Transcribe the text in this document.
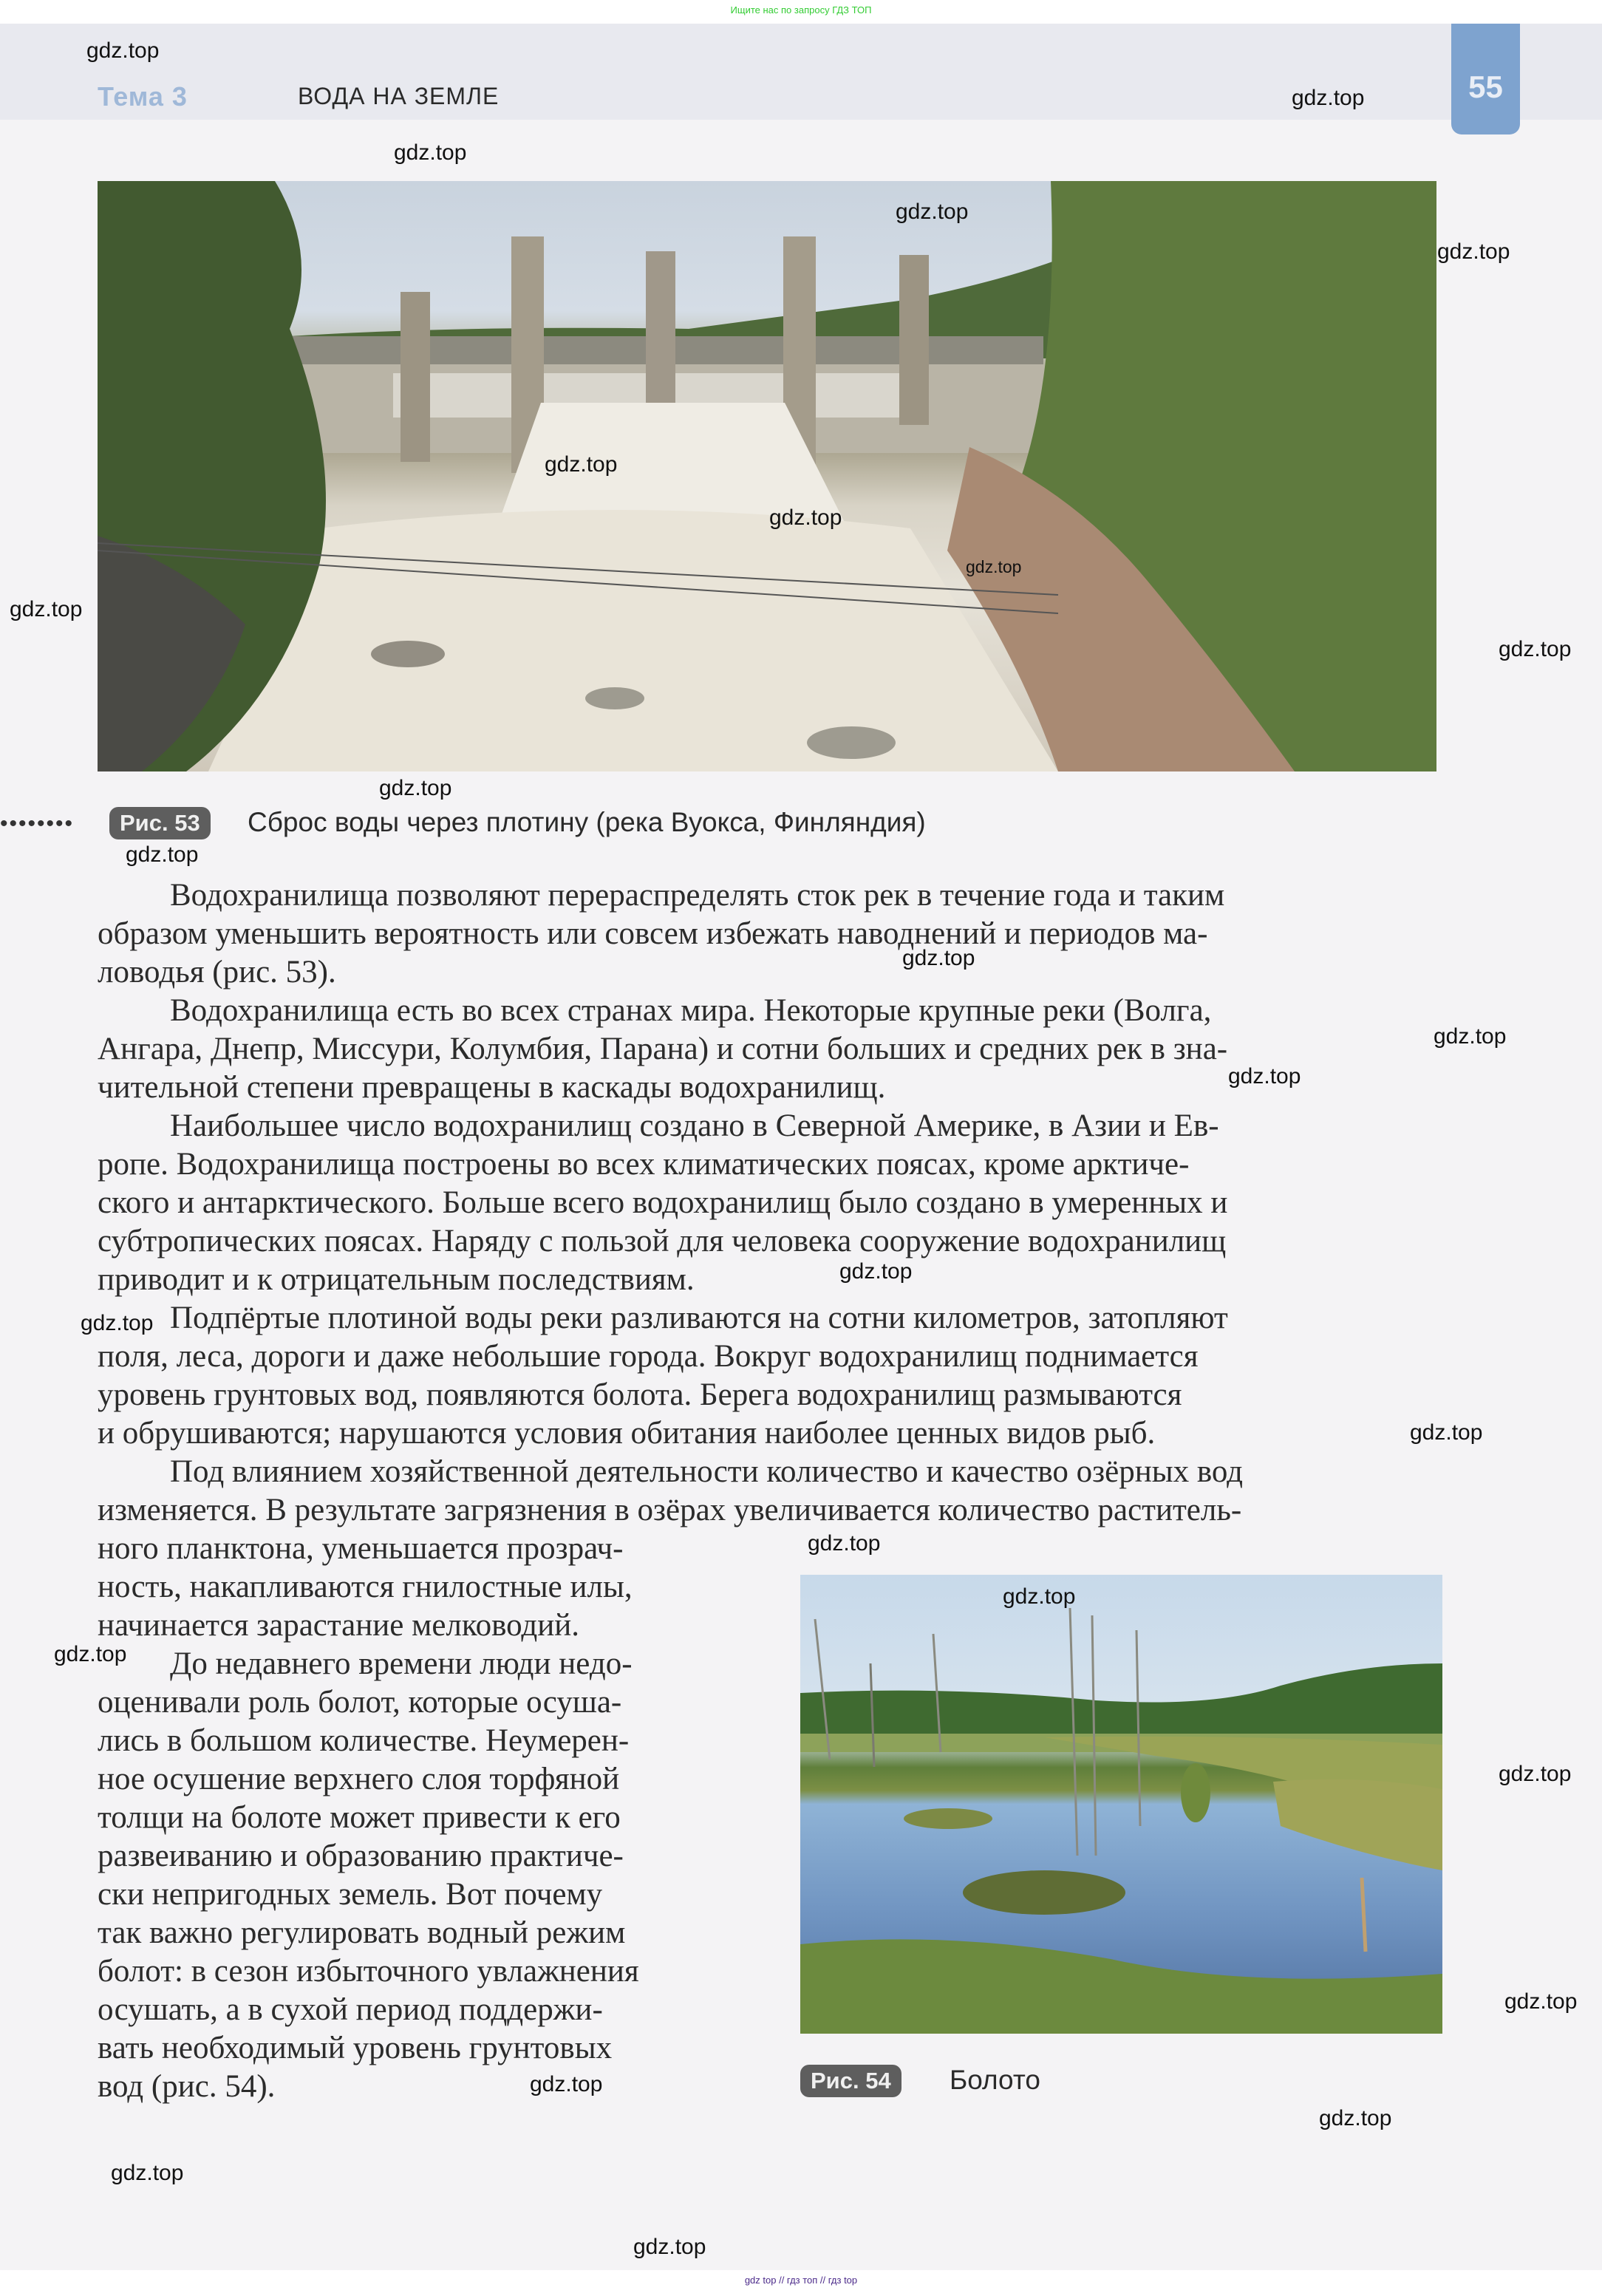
Ищите нас по запросу ГДЗ ТОП
Тема 3	ВОДА НА ЗЕМЛЕ	55
••••••••	Рис. 53	Сброс воды через плотину (река Вуокса, Финляндия)
Водохранилища позволяют перераспределять сток рек в течение года и таким
образом уменьшить вероятность или совсем избежать наводнений и периодов ма-
ловодья (рис. 53).
Водохранилища есть во всех странах мира. Некоторые крупные реки (Волга,
Ангара, Днепр, Миссури, Колумбия, Парана) и сотни больших и средних рек в зна-
чительной степени превращены в каскады водохранилищ.
Наибольшее число водохранилищ создано в Северной Америке, в Азии и Ев-
ропе. Водохранилища построены во всех климатических поясах, кроме арктиче-
ского и антарктического. Больше всего водохранилищ было создано в умеренных и
субтропических поясах. Наряду с пользой для человека сооружение водохранилищ
приводит и к отрицательным последствиям.
Подпёртые плотиной воды реки разливаются на сотни километров, затопляют
поля, леса, дороги и даже небольшие города. Вокруг водохранилищ поднимается
уровень грунтовых вод, появляются болота. Берега водохранилищ размываются
и обрушиваются; нарушаются условия обитания наиболее ценных видов рыб.
Под влиянием хозяйственной деятельности количество и качество озёрных вод
изменяется. В результате загрязнения в озёрах увеличивается количество раститель-
ного планктона, уменьшается прозрач-
ность, накапливаются гнилостные илы,
начинается зарастание мелководий.
До недавнего времени люди недо-
оценивали роль болот, которые осуша-
лись в большом количестве. Неумерен-
ное осушение верхнего слоя торфяной
толщи на болоте может привести к его
развеиванию и образованию практиче-
ски непригодных земель. Вот почему
так важно регулировать водный режим
болот: в сезон избыточного увлажнения
осушать, а в сухой период поддержи-
вать необходимый уровень грунтовых
вод (рис. 54).	Рис. 54	Болото
gdz.top
gdz.top
gdz.top
gdz.top
gdz.top
gdz.top
gdz.top
gdz.top
gdz.top
gdz.top
gdz.top
gdz.top
gdz.top
gdz.top
gdz.top
gdz.top
gdz.top
gdz.top
gdz.top
gdz.top
gdz.top
gdz.top
gdz.top
gdz.top
gdz.top
gdz.top
gdz.top
gdz top // гдз топ // гдз top
